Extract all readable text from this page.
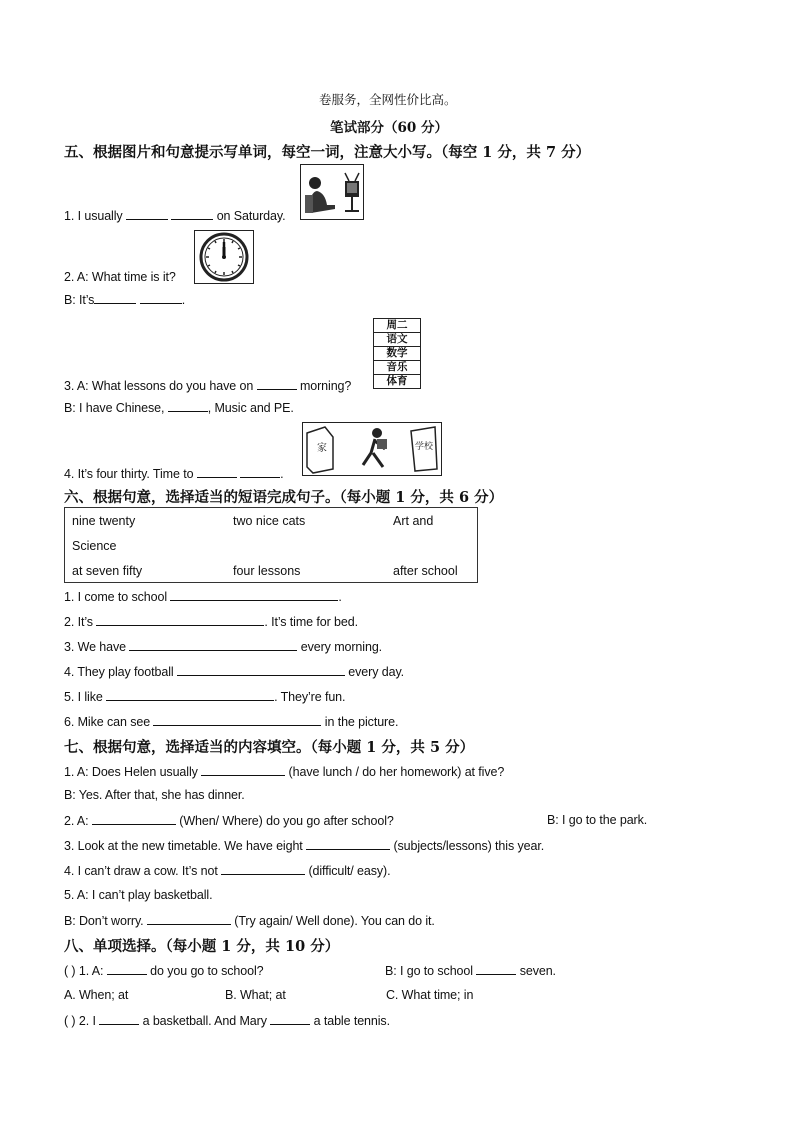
卷服务，全网性价比高。
笔试部分（60 分）
五、根据图片和句意提示写单词，每空一词，注意大小写。（每空 1 分，共 7 分）
1. I usually	on Saturday.
2. A: What time is it?
B: It’s	.
周二
语文
数学
音乐
体育
3. A: What lessons do you have on	morning?
B: I have Chinese,	, Music and PE.
家	学校
4. It’s four thirty. Time to	.
六、根据句意，选择适当的短语完成句子。（每小题 1 分，共 6 分）
nine twenty	two nice cats	Art and
Science
at seven fifty	four lessons	after school
1. I come to school	.
2. It’s	. It’s time for bed.
3. We have	every morning.
4. They play football	every day.
5. I like	. They’re fun.
6. Mike can see	in the picture.
七、根据句意，选择适当的内容填空。（每小题 1 分，共 5 分）
1. A: Does Helen usually	(have lunch / do her homework) at five?
B: Yes. After that, she has dinner.
2. A:	(When/ Where) do you go after school?	B: I go to the park.
3. Look at the new timetable. We have eight	(subjects/lessons) this year.
4. I can’t draw a cow. It’s not	(difficult/ easy).
5. A: I can’t play basketball.
B: Don’t worry.	(Try again/ Well done). You can do it.
八、单项选择。（每小题 1 分，共 10 分）
( ) 1. A:	do you go to school?	B: I go to school	seven.
A. When; at	B. What; at	C. What time; in
( ) 2. I	a basketball. And Mary	a table tennis.
